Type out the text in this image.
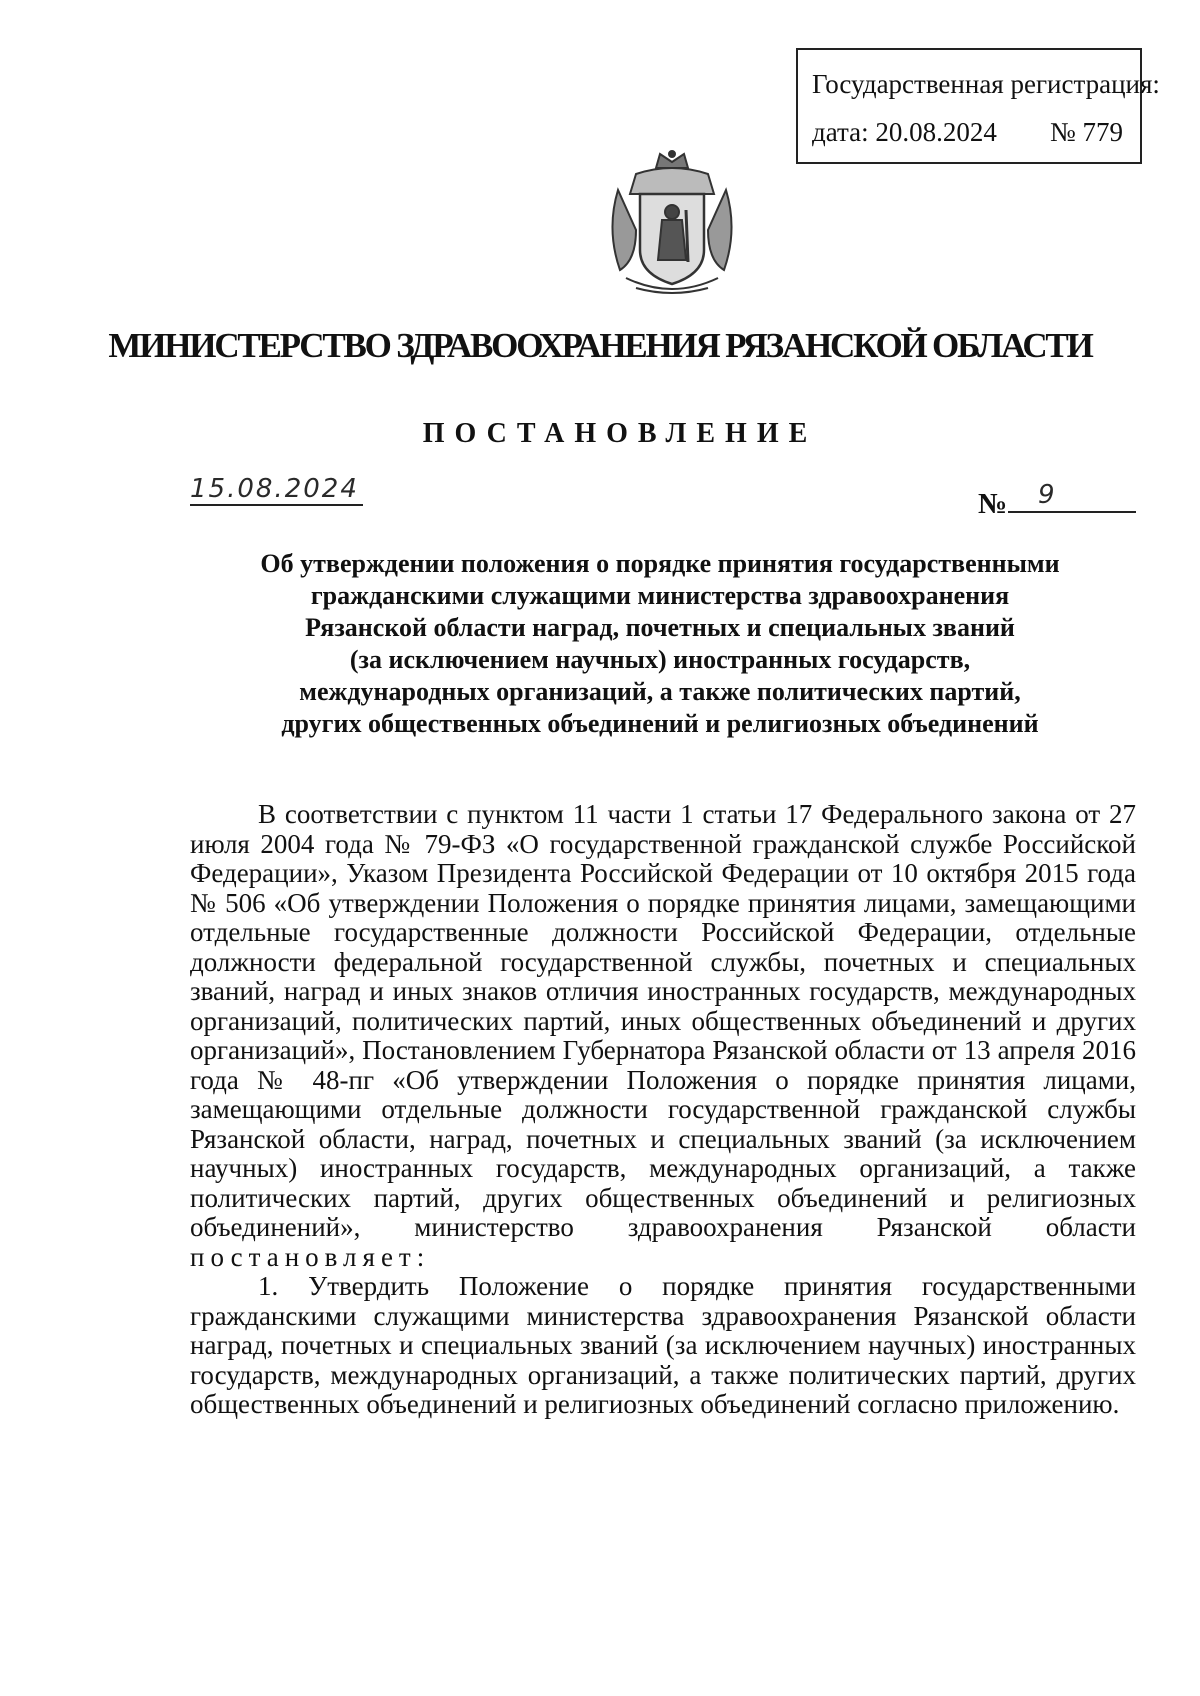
Государственная регистрация:
дата: 20.08.2024 № 779
МИНИСТЕРСТВО ЗДРАВООХРАНЕНИЯ РЯЗАНСКОЙ ОБЛАСТИ
ПОСТАНОВЛЕНИЕ
15.08.2024	№	9
Об утверждении положения о порядке принятия государственными
гражданскими служащими министерства здравоохранения
Рязанской области наград, почетных и специальных званий
(за исключением научных) иностранных государств,
международных организаций, а также политических партий,
других общественных объединений и религиозных объединений

В соответствии с пунктом 11 части 1 статьи 17 Федерального закона от 27 июля 2004 года № 79-ФЗ «О государственной гражданской службе Российской Федерации», Указом Президента Российской Федерации от 10 октября 2015 года № 506 «Об утверждении Положения о порядке принятия лицами, замещающими отдельные государственные должности Российской Федерации, отдельные должности федеральной государственной службы, почетных и специальных званий, наград и иных знаков отличия иностранных государств, международных организаций, политических партий, иных общественных объединений и других организаций», Постановлением Губернатора Рязанской области от 13 апреля 2016 года № 48-пг «Об утверждении Положения о порядке принятия лицами, замещающими отдельные должности государственной гражданской службы Рязанской области, наград, почетных и специальных званий (за исключением научных) иностранных государств, международных организаций, а также политических партий, других общественных объединений и религиозных объединений», министерство здравоохранения Рязанской области постановляет:

1. Утвердить Положение о порядке принятия государственными гражданскими служащими министерства здравоохранения Рязанской области наград, почетных и специальных званий (за исключением научных) иностранных государств, международных организаций, а также политических партий, других общественных объединений и религиозных объединений согласно приложению.
